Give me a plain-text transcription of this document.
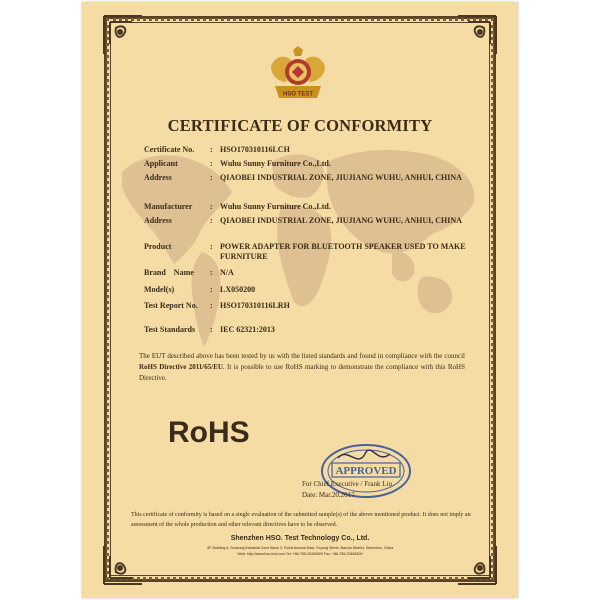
HSO TEST
CERTIFICATE OF CONFORMITY
Certificate No.	: HSO170310116LCH
Applicant	: Wuhu Sunny Furniture Co.,Ltd.
Address	: QIAOBEI INDUSTRIAL ZONE, JIUJIANG WUHU, ANHUI, CHINA
Manufacturer	: Wuhu Sunny Furniture Co.,Ltd.
Address	: QIAOBEI INDUSTRIAL ZONE, JIUJIANG WUHU, ANHUI, CHINA
Product	: POWER ADAPTER FOR BLUETOOTH SPEAKER USED TO MAKE FURNITURE
Brand    Name	: N/A
Model(s)	: LX050200
Test Report No.	: HSO170310116LRH
Test Standards	: IEC 62321:2013
The EUT described above has been tested by us with the listed standards and found in compliance with the council RoHS Directive 2011/65/EU. It is possible to use RoHS marking to demonstrate the compliance with this RoHS Directive.
RoHS
APPROVED
For Chief Executive / Frank Liu
Date: Mar.20,2017
This certificate of conformity is based on a single evaluation of the submitted sample(s) of the above mentioned product. It does not imply an assessment of the whole production and other relevant directives have to be observed.
Shenzhen HSO. Test Technology Co., Ltd.
4F, Building 6, Sunsong Industrial Zone Block 2, Fuhai Avenue East, Fuyong Street, Bao'an District, Shenzhen, China
Web: http://www.hso-test.com Tel: +86-755-29484500 Fax: +86-755-29484500
